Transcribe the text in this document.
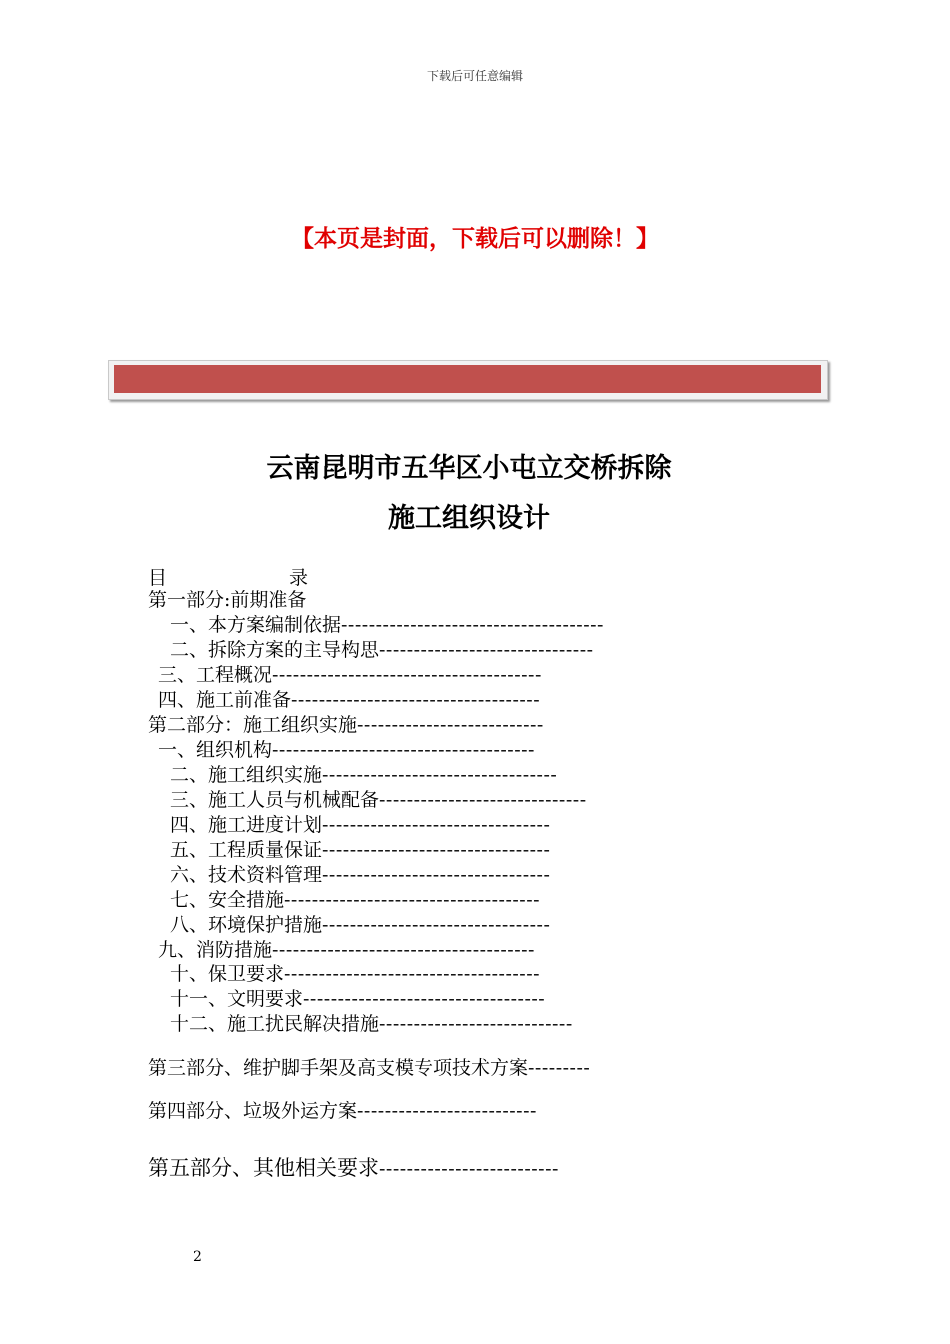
下载后可任意编辑
【本页是封面，下载后可以删除！】
云南昆明市五华区小屯立交桥拆除
施工组织设计
目	录
第一部分:前期准备
一、本方案编制依据--------------------------------------
二、拆除方案的主导构思-------------------------------
三、工程概况---------------------------------------
四、施工前准备------------------------------------
第二部分：施工组织实施---------------------------
一、组织机构--------------------------------------
二、施工组织实施----------------------------------
三、施工人员与机械配备------------------------------
四、施工进度计划---------------------------------
五、工程质量保证---------------------------------
六、技术资料管理---------------------------------
七、安全措施-------------------------------------
八、环境保护措施---------------------------------
九、消防措施--------------------------------------
十、保卫要求-------------------------------------
十一、文明要求-----------------------------------
十二、施工扰民解决措施----------------------------
第三部分、维护脚手架及高支模专项技术方案---------
第四部分、垃圾外运方案--------------------------
第五部分、其他相关要求--------------------------
2
